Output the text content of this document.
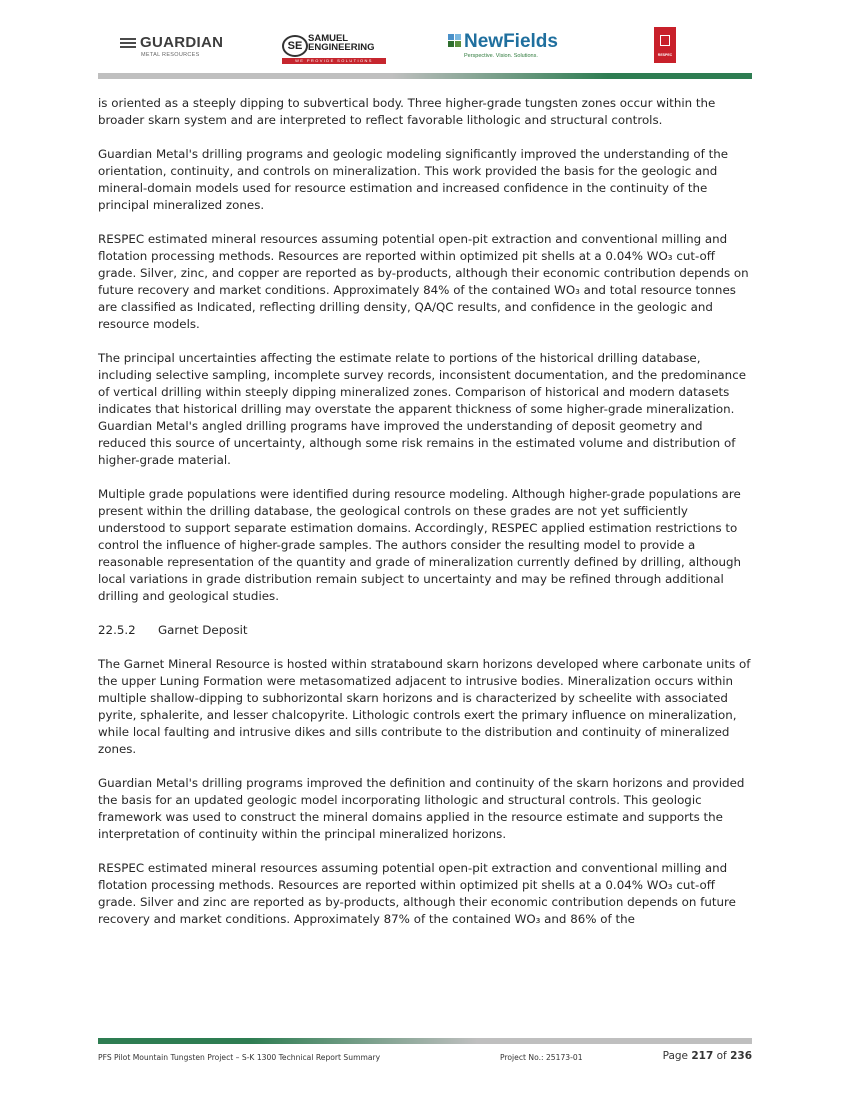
GUARDIAN
METAL RESOURCES
SE
SAMUEL
ENGINEERING
WE PROVIDE SOLUTIONS
NewFields
Perspective. Vision. Solutions.	RESPEC

is oriented as a steeply dipping to subvertical body. Three higher-grade tungsten zones occur within the broader skarn system and are interpreted to reflect favorable lithologic and structural controls.

Guardian Metal's drilling programs and geologic modeling significantly improved the understanding of the orientation, continuity, and controls on mineralization. This work provided the basis for the geologic and mineral-domain models used for resource estimation and increased confidence in the continuity of the principal mineralized zones.

RESPEC estimated mineral resources assuming potential open-pit extraction and conventional milling and flotation processing methods. Resources are reported within optimized pit shells at a 0.04% WO₃ cut-off grade. Silver, zinc, and copper are reported as by-products, although their economic contribution depends on future recovery and market conditions. Approximately 84% of the contained WO₃ and total resource tonnes are classified as Indicated, reflecting drilling density, QA/QC results, and confidence in the geologic and resource models.

The principal uncertainties affecting the estimate relate to portions of the historical drilling database, including selective sampling, incomplete survey records, inconsistent documentation, and the predominance of vertical drilling within steeply dipping mineralized zones. Comparison of historical and modern datasets indicates that historical drilling may overstate the apparent thickness of some higher-grade mineralization. Guardian Metal's angled drilling programs have improved the understanding of deposit geometry and reduced this source of uncertainty, although some risk remains in the estimated volume and distribution of higher-grade material.

Multiple grade populations were identified during resource modeling. Although higher-grade populations are present within the drilling database, the geological controls on these grades are not yet sufficiently understood to support separate estimation domains. Accordingly, RESPEC applied estimation restrictions to control the influence of higher-grade samples. The authors consider the resulting model to provide a reasonable representation of the quantity and grade of mineralization currently defined by drilling, although local variations in grade distribution remain subject to uncertainty and may be refined through additional drilling and geological studies.

22.5.2 Garnet Deposit

The Garnet Mineral Resource is hosted within stratabound skarn horizons developed where carbonate units of the upper Luning Formation were metasomatized adjacent to intrusive bodies. Mineralization occurs within multiple shallow-dipping to subhorizontal skarn horizons and is characterized by scheelite with associated pyrite, sphalerite, and lesser chalcopyrite. Lithologic controls exert the primary influence on mineralization, while local faulting and intrusive dikes and sills contribute to the distribution and continuity of mineralized zones.

Guardian Metal's drilling programs improved the definition and continuity of the skarn horizons and provided the basis for an updated geologic model incorporating lithologic and structural controls. This geologic framework was used to construct the mineral domains applied in the resource estimate and supports the interpretation of continuity within the principal mineralized horizons.

RESPEC estimated mineral resources assuming potential open-pit extraction and conventional milling and flotation processing methods. Resources are reported within optimized pit shells at a 0.04% WO₃ cut-off grade. Silver and zinc are reported as by-products, although their economic contribution depends on future recovery and market conditions. Approximately 87% of the contained WO₃ and 86% of the

PFS Pilot Mountain Tungsten Project – S-K 1300 Technical Report Summary	Project No.: 25173-01	Page 217 of 236
